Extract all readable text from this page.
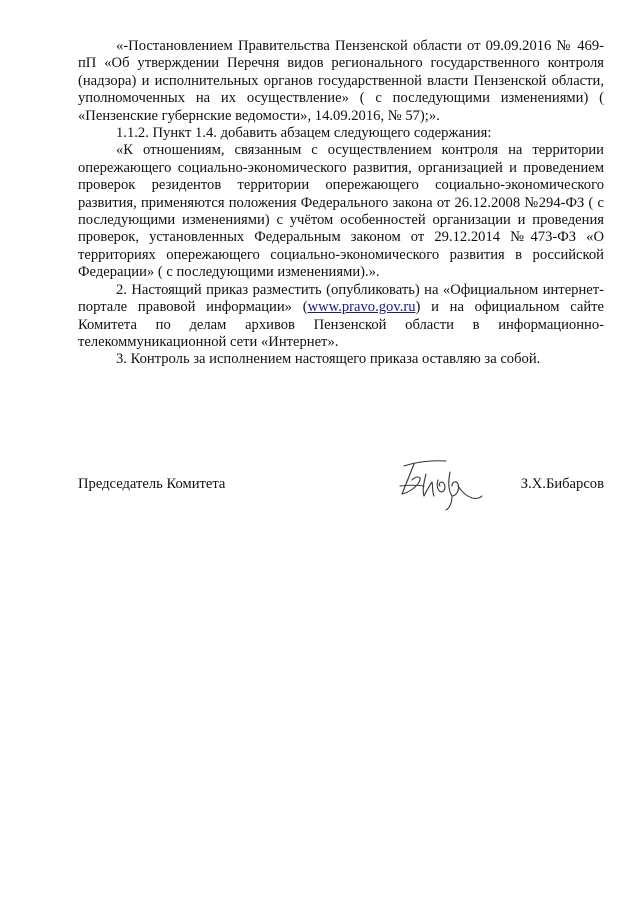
«-Постановлением Правительства Пензенской области от 09.09.2016 № 469-пП «Об утверждении Перечня видов регионального государственного контроля (надзора) и исполнительных органов государственной власти Пензенской области, уполномоченных на их осуществление» ( с последующими изменениями) ( «Пензенские губернские ведомости», 14.09.2016, № 57);».

1.1.2. Пункт 1.4. добавить абзацем следующего содержания:

«К отношениям, связанным с осуществлением контроля на территории опережающего социально-экономического развития, организацией и проведением проверок резидентов территории опережающего социально-экономического развития, применяются положения Федерального закона от 26.12.2008 №294-ФЗ ( с последующими изменениями) с учётом особенностей организации и проведения проверок, установленных Федеральным законом от 29.12.2014 №473-ФЗ «О территориях опережающего социально-экономического развития в российской Федерации» ( с последующими изменениями).».

2. Настоящий приказ разместить (опубликовать) на «Официальном интернет-портале правовой информации» (www.pravo.gov.ru) и на официальном сайте Комитета по делам архивов Пензенской области в информационно-телекоммуникационной сети «Интернет».

3. Контроль за исполнением настоящего приказа оставляю за собой.

Председатель Комитета	З.Х.Бибарсов
